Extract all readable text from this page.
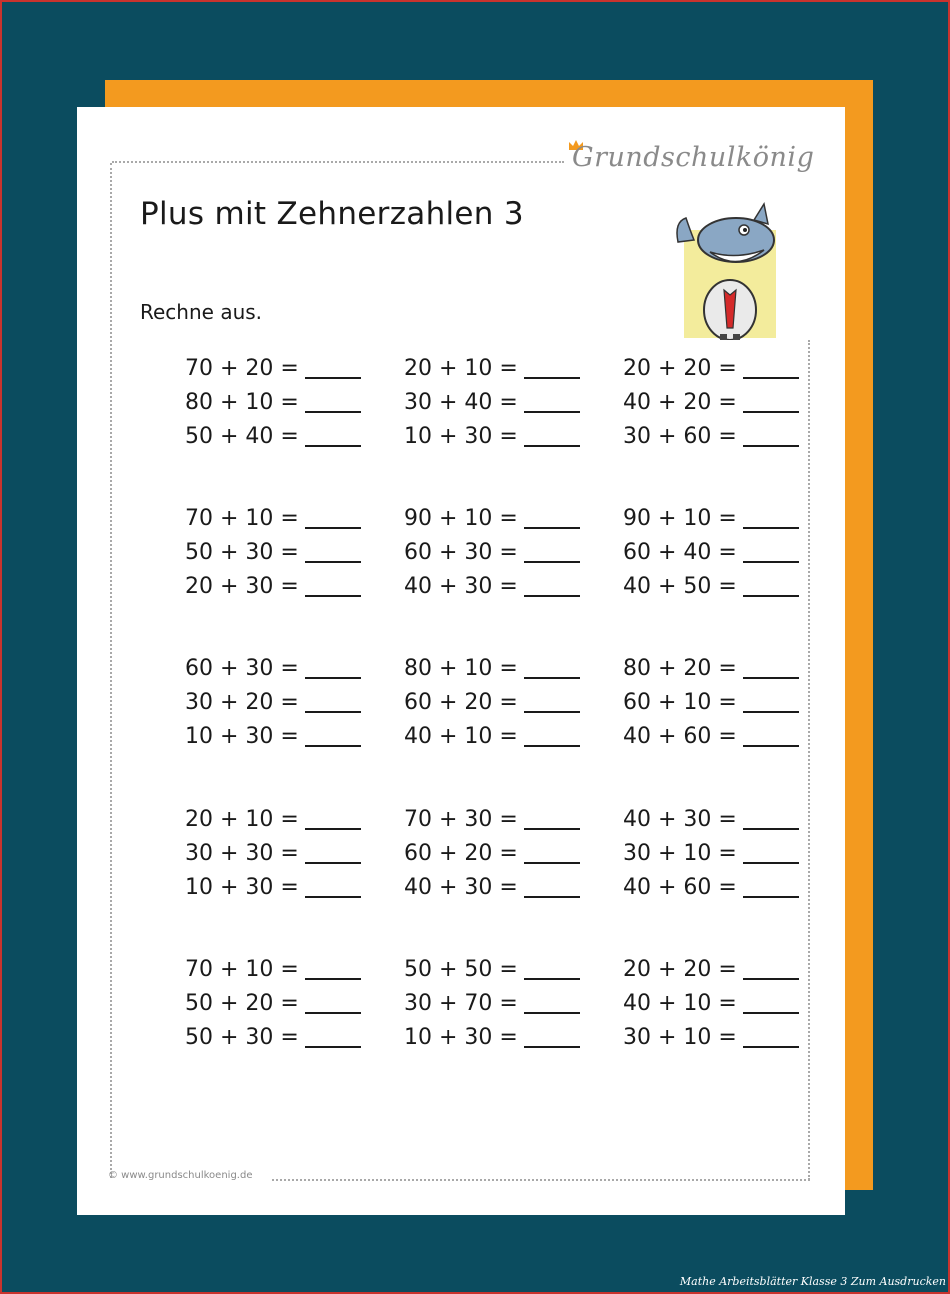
Grundschulkönig
Plus mit Zehnerzahlen 3
Rechne aus.
70 + 20 =	20 + 10 =	20 + 20 =
80 + 10 =	30 + 40 =	40 + 20 =
50 + 40 =	10 + 30 =	30 + 60 =
70 + 10 =	90 + 10 =	90 + 10 =
50 + 30 =	60 + 30 =	60 + 40 =
20 + 30 =	40 + 30 =	40 + 50 =
60 + 30 =	80 + 10 =	80 + 20 =
30 + 20 =	60 + 20 =	60 + 10 =
10 + 30 =	40 + 10 =	40 + 60 =
20 + 10 =	70 + 30 =	40 + 30 =
30 + 30 =	60 + 20 =	30 + 10 =
10 + 30 =	40 + 30 =	40 + 60 =
70 + 10 =	50 + 50 =	20 + 20 =
50 + 20 =	30 + 70 =	40 + 10 =
50 + 30 =	10 + 30 =	30 + 10 =
© www.grundschulkoenig.de
Mathe Arbeitsblätter Klasse 3 Zum Ausdrucken
